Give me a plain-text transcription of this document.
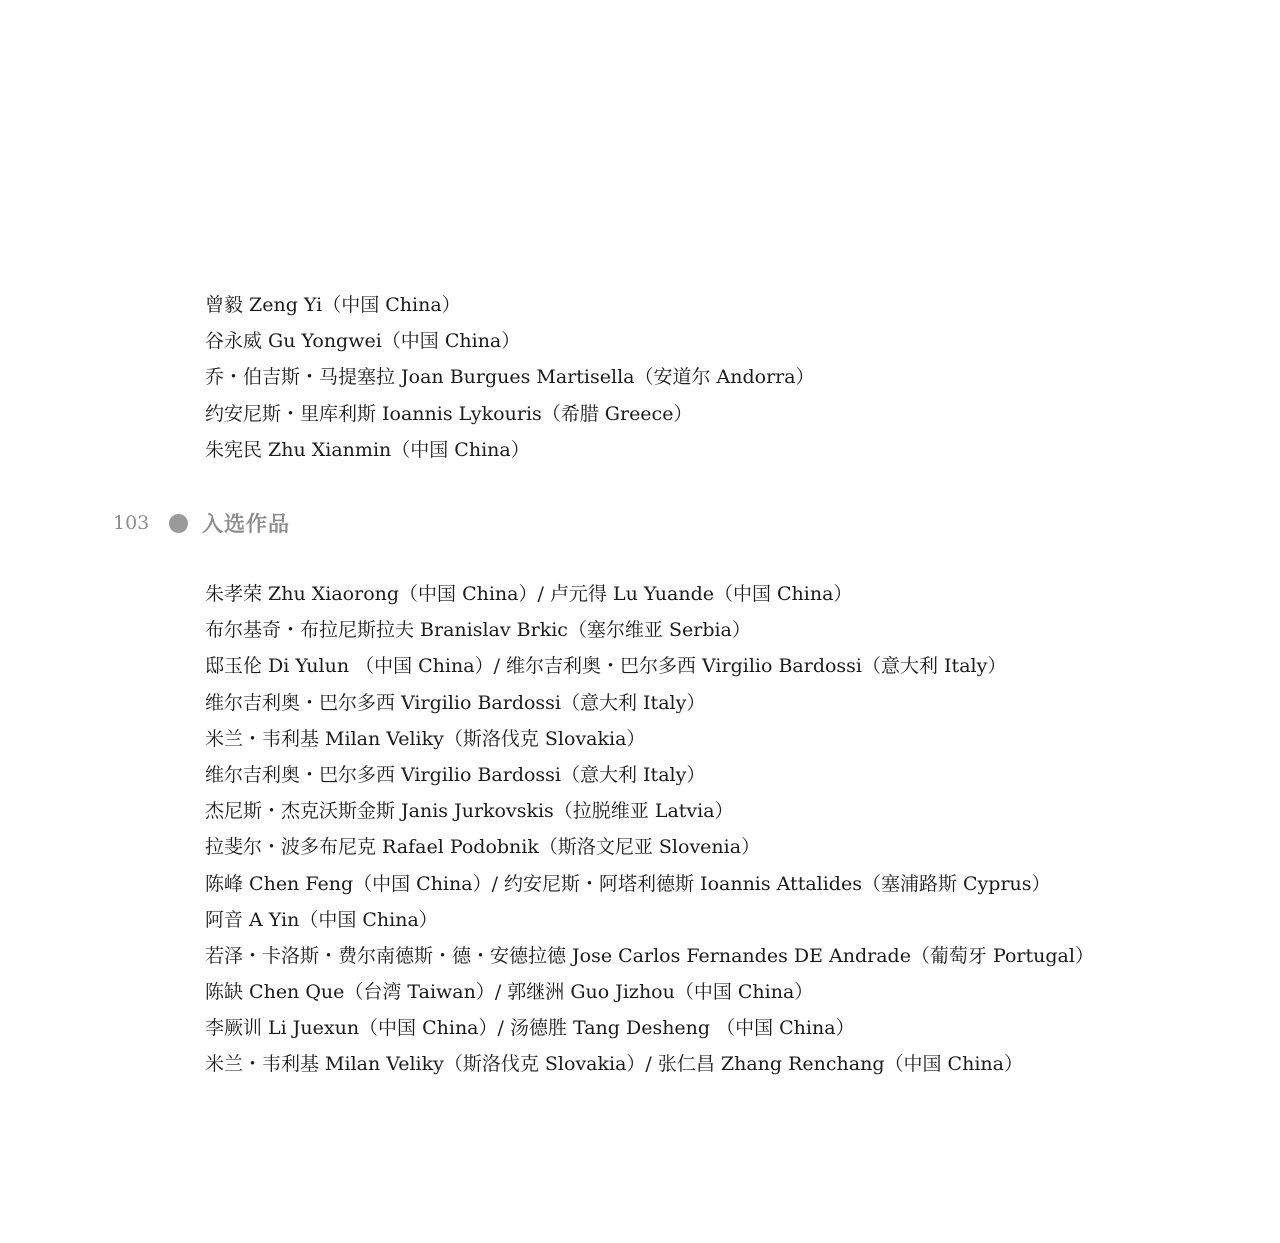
曾毅 Zeng Yi（中国 China）
谷永威 Gu Yongwei（中国 China）
乔・伯吉斯・马提塞拉 Joan Burgues Martisella（安道尔 Andorra）
约安尼斯・里库利斯 Ioannis Lykouris（希腊 Greece）
朱宪民 Zhu Xianmin（中国 China）
103	入选作品
朱孝荣 Zhu Xiaorong（中国 China）/ 卢元得 Lu Yuande（中国 China）
布尔基奇・布拉尼斯拉夫 Branislav Brkic（塞尔维亚 Serbia）
邸玉伦 Di Yulun （中国 China）/ 维尔吉利奥・巴尔多西 Virgilio Bardossi（意大利 Italy）
维尔吉利奥・巴尔多西 Virgilio Bardossi（意大利 Italy）
米兰・韦利基 Milan Veliky（斯洛伐克 Slovakia）
维尔吉利奥・巴尔多西 Virgilio Bardossi（意大利 Italy）
杰尼斯・杰克沃斯金斯 Janis Jurkovskis（拉脱维亚 Latvia）
拉斐尔・波多布尼克 Rafael Podobnik（斯洛文尼亚 Slovenia）
陈峰 Chen Feng（中国 China）/ 约安尼斯・阿塔利德斯 Ioannis Attalides（塞浦路斯 Cyprus）
阿音 A Yin（中国 China）
若泽・卡洛斯・费尔南德斯・德・安德拉德 Jose Carlos Fernandes DE Andrade（葡萄牙 Portugal）
陈缺 Chen Que（台湾 Taiwan）/ 郭继洲 Guo Jizhou（中国 China）
李厥训 Li Juexun（中国 China）/ 汤德胜 Tang Desheng （中国 China）
米兰・韦利基 Milan Veliky（斯洛伐克 Slovakia）/ 张仁昌 Zhang Renchang（中国 China）
